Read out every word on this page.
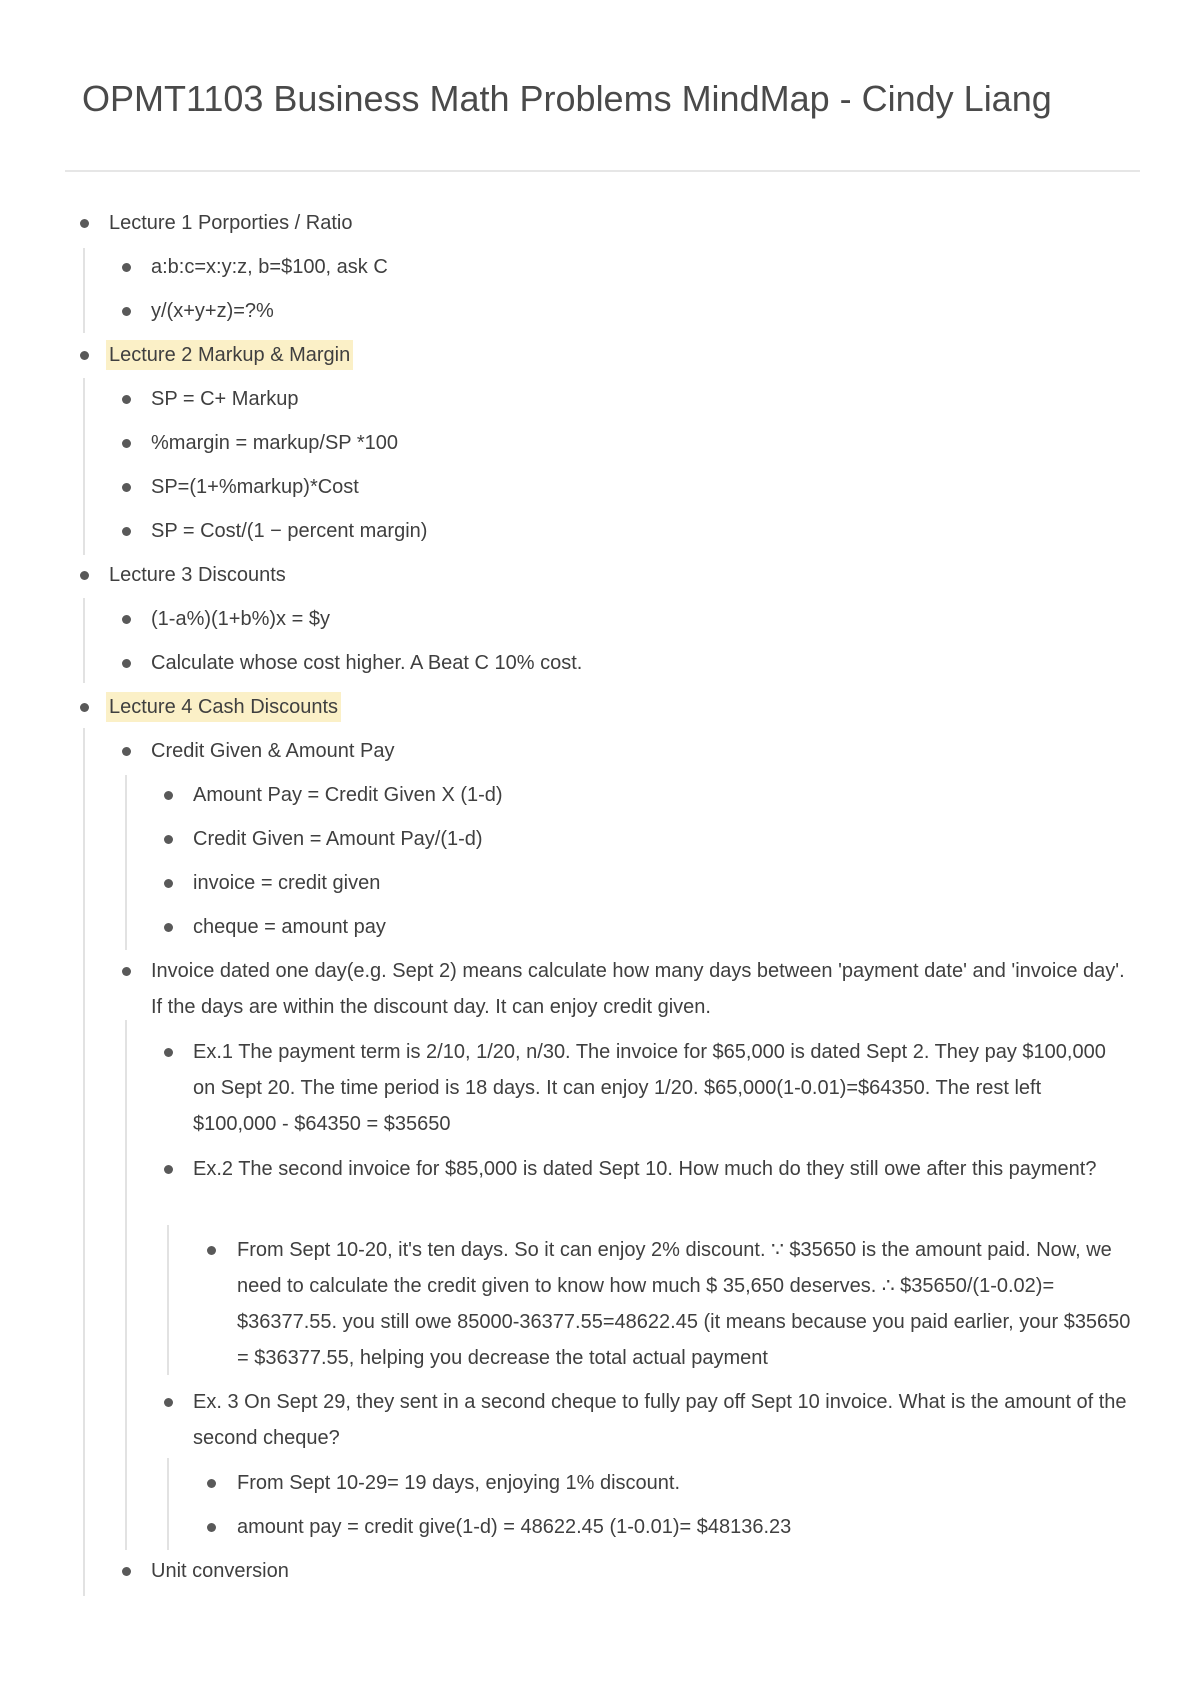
OPMT1103 Business Math Problems MindMap - Cindy Liang
Lecture 1 Porporties / Ratio
a:b:c=x:y:z, b=$100, ask C
y/(x+y+z)=?%
Lecture 2 Markup & Margin
SP = C+ Markup
%margin = markup/SP *100
SP=(1+%markup)*Cost
SP = Cost/(1 − percent margin)
Lecture 3 Discounts
(1-a%)(1+b%)x = $y
Calculate whose cost higher. A Beat C 10% cost.
Lecture 4 Cash Discounts
Credit Given & Amount Pay
Amount Pay = Credit Given X (1-d)
Credit Given = Amount Pay/(1-d)
invoice = credit given
cheque = amount pay
Invoice dated one day(e.g. Sept 2) means calculate how many days between 'payment date' and 'invoice day'. If the days are within the discount day. It can enjoy credit given.
Ex.1 The payment term is 2/10, 1/20, n/30. The invoice for $65,000 is dated Sept 2. They pay $100,000 on Sept 20. The time period is 18 days. It can enjoy 1/20. $65,000(1-0.01)=$64350. The rest left $100,000 - $64350 = $35650
Ex.2 The second invoice for $85,000 is dated Sept 10. How much do they still owe after this payment?
From Sept 10-20, it's ten days. So it can enjoy 2% discount. ∵ $35650 is the amount paid. Now, we need to calculate the credit given to know how much $ 35,650 deserves. ∴ $35650/(1-0.02)= $36377.55. you still owe 85000-36377.55=48622.45 (it means because you paid earlier, your $35650 = $36377.55, helping you decrease the total actual payment
Ex. 3 On Sept 29, they sent in a second cheque to fully pay off Sept 10 invoice. What is the amount of the second cheque?
From Sept 10-29= 19 days, enjoying 1% discount.
amount pay = credit give(1-d) = 48622.45 (1-0.01)= $48136.23
Unit conversion
